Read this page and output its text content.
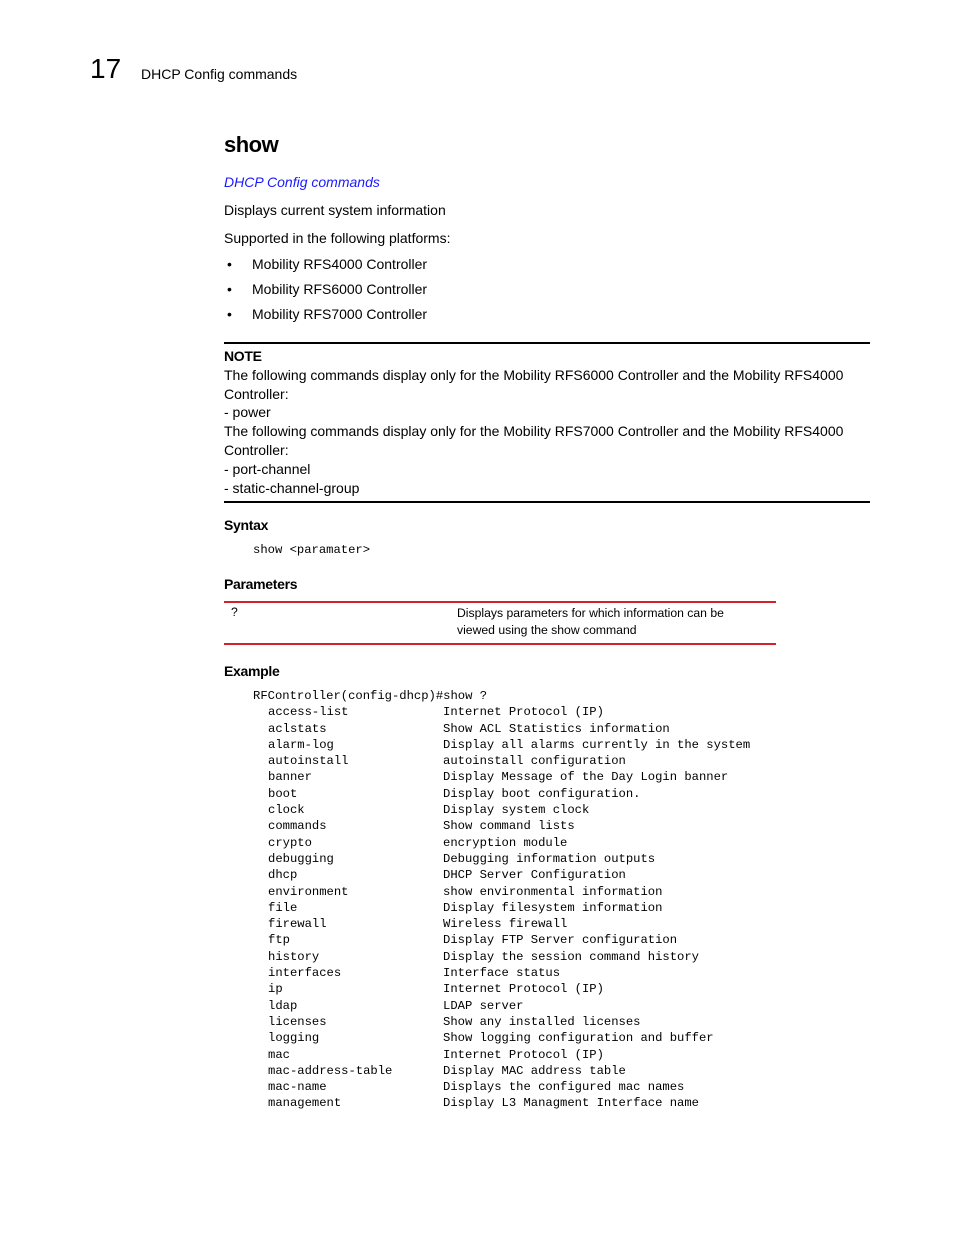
17 DHCP Config commands
show
DHCP Config commands
Displays current system information
Supported in the following platforms:
• Mobility RFS4000 Controller
• Mobility RFS6000 Controller
• Mobility RFS7000 Controller
NOTE
The following commands display only for the Mobility RFS6000 Controller and the Mobility RFS4000
Controller:
- power
The following commands display only for the Mobility RFS7000 Controller and the Mobility RFS4000
Controller:
- port-channel
- static-channel-group
Syntax
show <paramater>
Parameters
?	Displays parameters for which information can be
viewed using the show command
Example
RFController(config-dhcp)#show ?
access-list	Internet Protocol (IP)
aclstats	Show ACL Statistics information
alarm-log	Display all alarms currently in the system
autoinstall	autoinstall configuration
banner	Display Message of the Day Login banner
boot	Display boot configuration.
clock	Display system clock
commands	Show command lists
crypto	encryption module
debugging	Debugging information outputs
dhcp	DHCP Server Configuration
environment	show environmental information
file	Display filesystem information
firewall	Wireless firewall
ftp	Display FTP Server configuration
history	Display the session command history
interfaces	Interface status
ip	Internet Protocol (IP)
ldap	LDAP server
licenses	Show any installed licenses
logging	Show logging configuration and buffer
mac	Internet Protocol (IP)
mac-address-table	Display MAC address table
mac-name	Displays the configured mac names
management	Display L3 Managment Interface name
